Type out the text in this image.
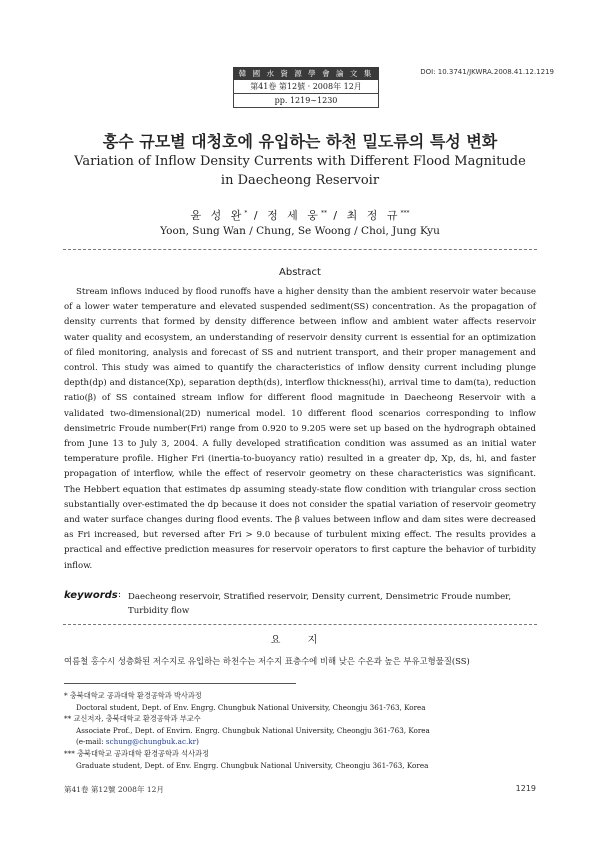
韓 國 水 資 源 學 會 論 文 集
第41卷 第12號 · 2008年 12月
pp. 1219∼1230
DOI: 10.3741/JKWRA.2008.41.12.1219
홍수 규모별 대청호에 유입하는 하천 밀도류의 특성 변화
Variation of Inflow Density Currents with Different Flood Magnitude
in Daecheong Reservoir
윤 성 완* / 정 세 웅** / 최 정 규***
Yoon, Sung Wan / Chung, Se Woong / Choi, Jung Kyu
Abstract

Stream inflows induced by flood runoffs have a higher density than the ambient reservoir water because of a lower water temperature and elevated suspended sediment(SS) concentration. As the propagation of density currents that formed by density difference between inflow and ambient water affects reservoir water quality and ecosystem, an understanding of reservoir density current is essential for an optimization of filed monitoring, analysis and forecast of SS and nutrient transport, and their proper management and control. This study was aimed to quantify the characteristics of inflow density current including plunge depth(dp) and distance(Xp), separation depth(ds), interflow thickness(hi), arrival time to dam(ta), reduction ratio(β) of SS contained stream inflow for different flood magnitude in Daecheong Reservoir with a validated two-dimensional(2D) numerical model. 10 different flood scenarios corresponding to inflow densimetric Froude number(Fri) range from 0.920 to 9.205 were set up based on the hydrograph obtained from June 13 to July 3, 2004. A fully developed stratification condition was assumed as an initial water temperature profile. Higher Fri (inertia-to-buoyancy ratio) resulted in a greater dp, Xp, ds, hi, and faster propagation of interflow, while the effect of reservoir geometry on these characteristics was significant. The Hebbert equation that estimates dp assuming steady-state flow condition with triangular cross section substantially over-estimated the dp because it does not consider the spatial variation of reservoir geometry and water surface changes during flood events. The β values between inflow and dam sites were decreased as Fri increased, but reversed after Fri > 9.0 because of turbulent mixing effect. The results provides a practical and effective prediction measures for reservoir operators to first capture the behavior of turbidity inflow.

keywords : Daecheong reservoir, Stratified reservoir, Density current, Densimetric Froude number, Turbidity flow
요 지
여름철 홍수시 성층화된 저수지로 유입하는 하천수는 저수지 표층수에 비해 낮은 수온과 높은 부유고형물질(SS)
* 충북대학교 공과대학 환경공학과 박사과정
Doctoral student, Dept. of Env. Engrg. Chungbuk National University, Cheongju 361-763, Korea
** 교신저자, 충북대학교 환경공학과 부교수
Associate Prof., Dept. of Envirn. Engrg. Chungbuk National University, Cheongju 361-763, Korea
(e-mail: schung@chungbuk.ac.kr)
*** 충북대학교 공과대학 환경공학과 석사과정
Graduate student, Dept. of Env. Engrg. Chungbuk National University, Cheongju 361-763, Korea
第41卷 第12號 2008年 12月	1219
